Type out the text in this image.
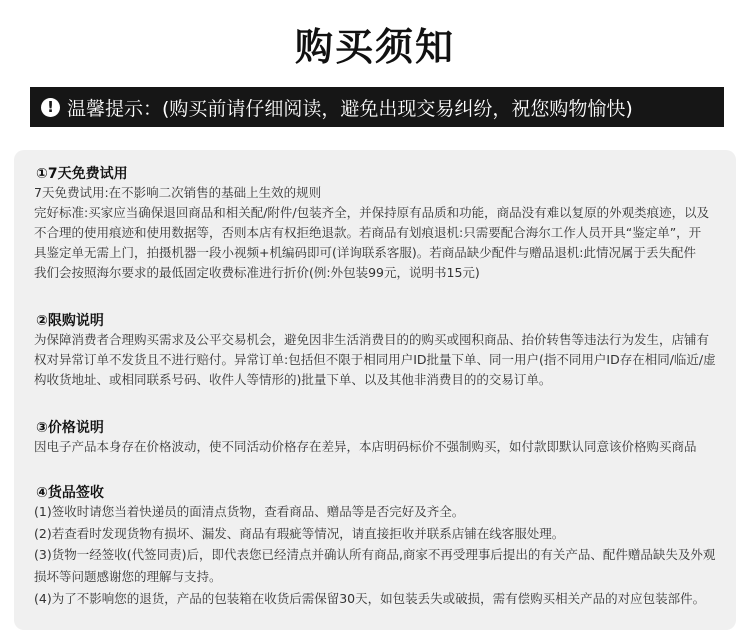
购买须知
! 温馨提示：(购买前请仔细阅读，避免出现交易纠纷，祝您购物愉快)
①7天免费试用
7天免费试用:在不影响二次销售的基础上生效的规则
完好标准:买家应当确保退回商品和相关配/附件/包装齐全，并保持原有品质和功能，商品没有难以复原的外观类痕迹，以及
不合理的使用痕迹和使用数据等，否则本店有权拒绝退款。若商品有划痕退机:只需要配合海尔工作人员开具“鉴定单”，开
具鉴定单无需上门，拍摄机器一段小视频+机编码即可(详询联系客服)。若商品缺少配件与赠品退机:此情况属于丢失配件
我们会按照海尔要求的最低固定收费标准进行折价(例:外包装99元，说明书15元)
②限购说明
为保障消费者合理购买需求及公平交易机会，避免因非生活消费目的的购买或囤积商品、抬价转售等违法行为发生，店铺有
权对异常订单不发货且不进行赔付。异常订单:包括但不限于相同用户ID批量下单、同一用户(指不同用户ID存在相同/临近/虚
构收货地址、或相同联系号码、收件人等情形的)批量下单、以及其他非消费目的的交易订单。
③价格说明
因电子产品本身存在价格波动，使不同活动价格存在差异，本店明码标价不强制购买，如付款即默认同意该价格购买商品
④货品签收
(1)签收时请您当着快递员的面清点货物，查看商品、赠品等是否完好及齐全。
(2)若查看时发现货物有损坏、漏发、商品有瑕疵等情况，请直接拒收并联系店铺在线客服处理。
(3)货物一经签收(代签同责)后，即代表您已经清点并确认所有商品,商家不再受理事后提出的有关产品、配件赠品缺失及外观
损坏等问题感谢您的理解与支持。
(4)为了不影响您的退货，产品的包装箱在收货后需保留30天，如包装丢失或破损，需有偿购买相关产品的对应包装部件。
